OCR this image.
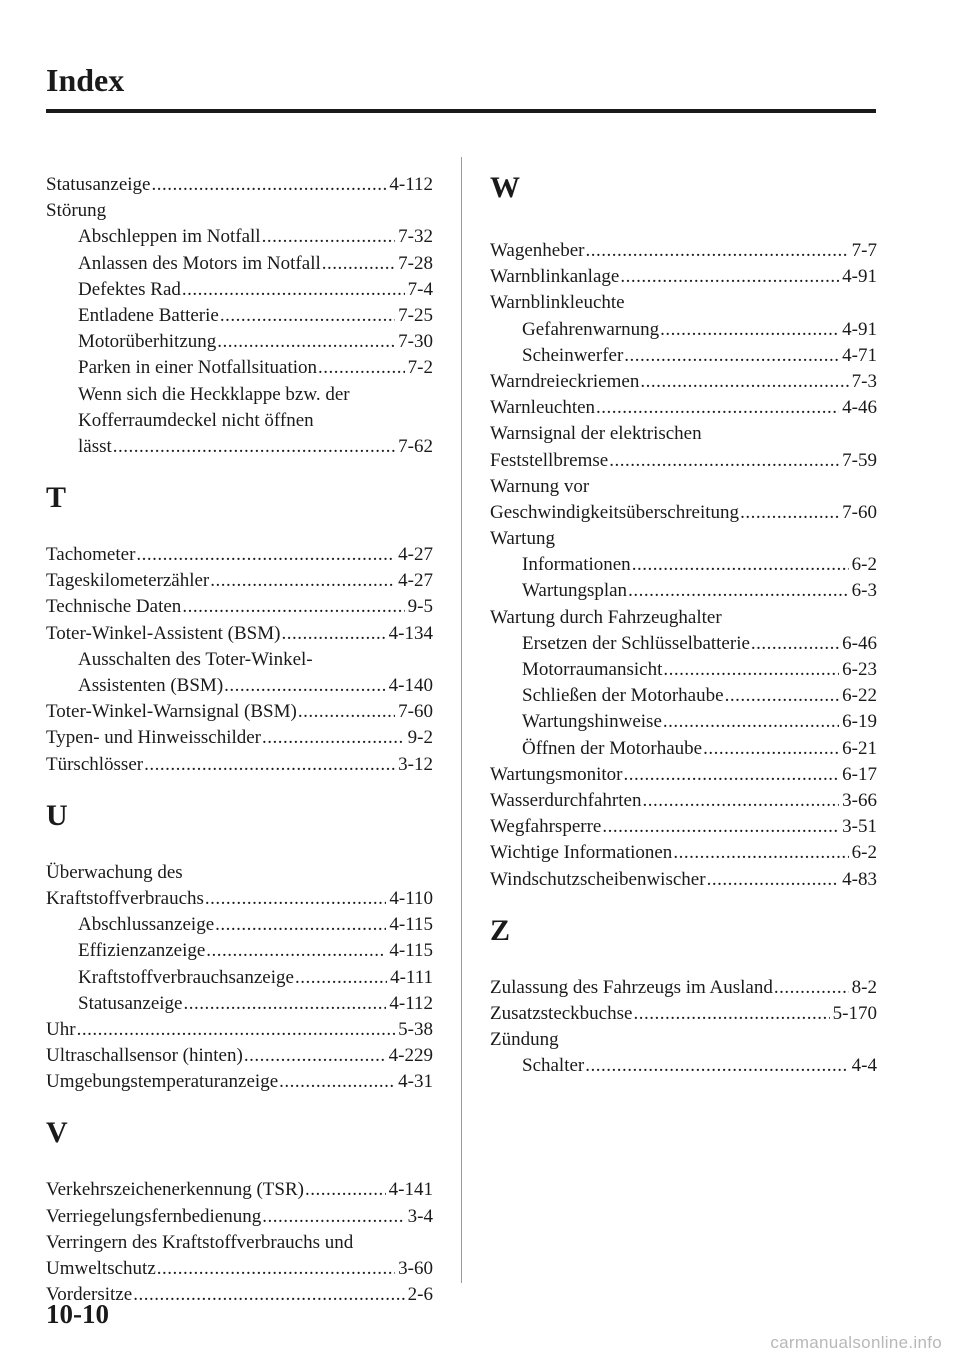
Index
Statusanzeige .....	4-112
Störung
Abschleppen im Notfall .....	7-32
Anlassen des Motors im Notfall .....	7-28
Defektes Rad .....	7-4
Entladene Batterie .....	7-25
Motorüberhitzung .....	7-30
Parken in einer Notfallsituation .....	7-2
Wenn sich die Heckklappe bzw. der
Kofferraumdeckel nicht öffnen
lässt .....	7-62
T
Tachometer .....	4-27
Tageskilometerzähler .....	4-27
Technische Daten .....	9-5
Toter-Winkel-Assistent (BSM) .....	4-134
Ausschalten des Toter-Winkel-
Assistenten (BSM) .....	4-140
Toter-Winkel-Warnsignal (BSM) .....	7-60
Typen- und Hinweisschilder .....	9-2
Türschlösser .....	3-12
U
Überwachung des
Kraftstoffverbrauchs .....	4-110
Abschlussanzeige .....	4-115
Effizienzanzeige .....	4-115
Kraftstoffverbrauchsanzeige .....	4-111
Statusanzeige .....	4-112
Uhr .....	5-38
Ultraschallsensor (hinten) .....	4-229
Umgebungstemperaturanzeige .....	4-31
V
Verkehrszeichenerkennung (TSR) .....	4-141
Verriegelungsfernbedienung .....	3-4
Verringern des Kraftstoffverbrauchs und
Umweltschutz .....	3-60
Vordersitze .....	2-6
W
Wagenheber .....	7-7
Warnblinkanlage .....	4-91
Warnblinkleuchte
Gefahrenwarnung .....	4-91
Scheinwerfer .....	4-71
Warndreieckriemen .....	7-3
Warnleuchten .....	4-46
Warnsignal der elektrischen
Feststellbremse .....	7-59
Warnung vor
Geschwindigkeitsüberschreitung .....	7-60
Wartung
Informationen .....	6-2
Wartungsplan .....	6-3
Wartung durch Fahrzeughalter
Ersetzen der Schlüsselbatterie .....	6-46
Motorraumansicht .....	6-23
Schließen der Motorhaube .....	6-22
Wartungshinweise .....	6-19
Öffnen der Motorhaube .....	6-21
Wartungsmonitor .....	6-17
Wasserdurchfahrten .....	3-66
Wegfahrsperre .....	3-51
Wichtige Informationen .....	6-2
Windschutzscheibenwischer .....	4-83
Z
Zulassung des Fahrzeugs im Ausland .....	8-2
Zusatzsteckbuchse .....	5-170
Zündung
Schalter .....	4-4
10-10
carmanualsonline.info
